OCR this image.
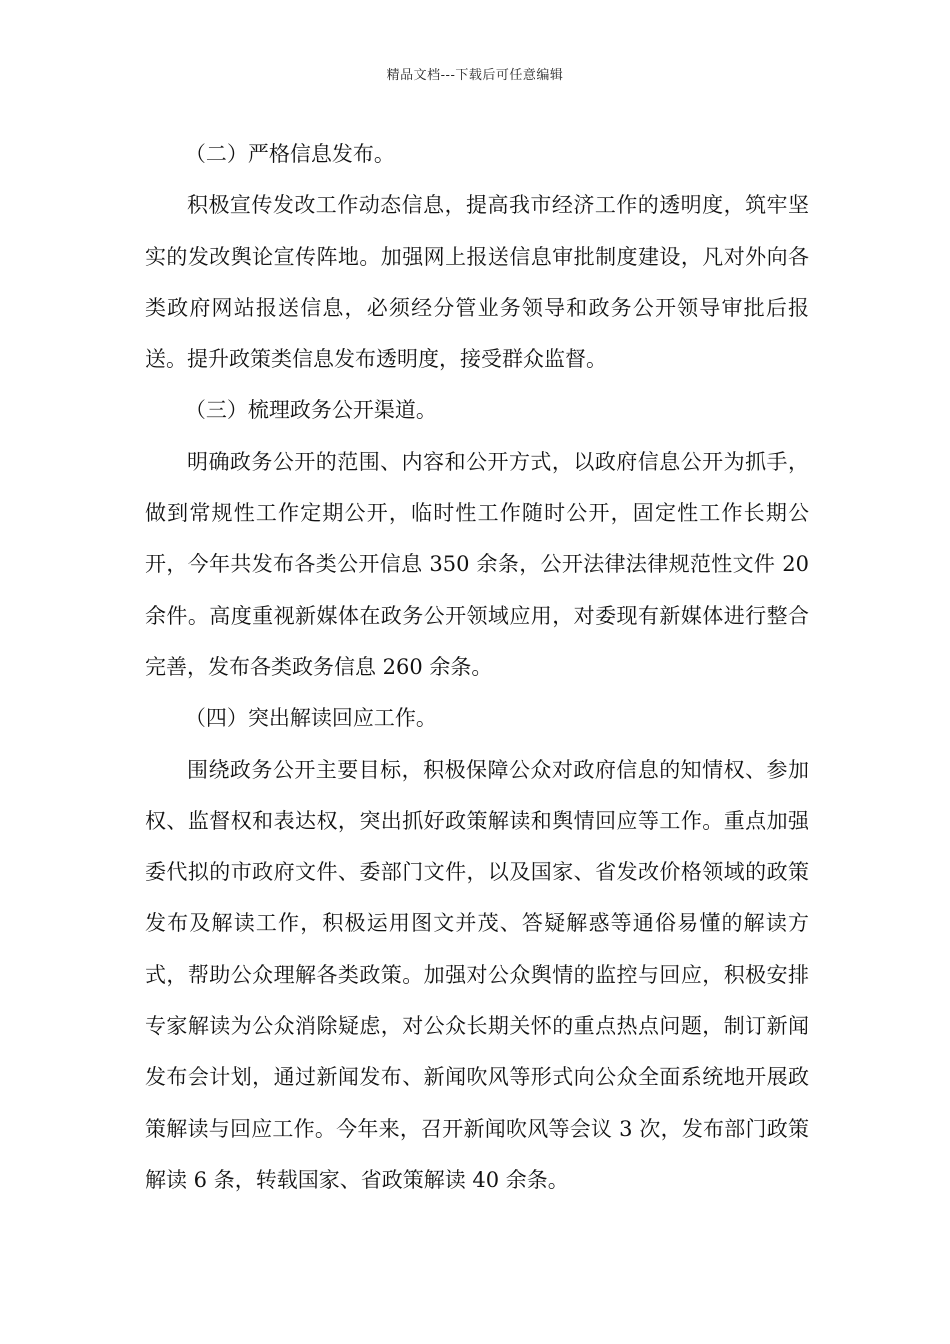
精品文档---下载后可任意编辑

（二）严格信息发布。

积极宣传发改工作动态信息，提高我市经济工作的透明度，筑牢坚实的发改舆论宣传阵地。加强网上报送信息审批制度建设，凡对外向各类政府网站报送信息，必须经分管业务领导和政务公开领导审批后报送。提升政策类信息发布透明度，接受群众监督。

（三）梳理政务公开渠道。

明确政务公开的范围、内容和公开方式，以政府信息公开为抓手，做到常规性工作定期公开，临时性工作随时公开，固定性工作长期公开，今年共发布各类公开信息 350 余条，公开法律法律规范性文件 20 余件。高度重视新媒体在政务公开领域应用，对委现有新媒体进行整合完善，发布各类政务信息 260 余条。

（四）突出解读回应工作。

围绕政务公开主要目标，积极保障公众对政府信息的知情权、参加权、监督权和表达权，突出抓好政策解读和舆情回应等工作。重点加强委代拟的市政府文件、委部门文件，以及国家、省发改价格领域的政策发布及解读工作，积极运用图文并茂、答疑解惑等通俗易懂的解读方式，帮助公众理解各类政策。加强对公众舆情的监控与回应，积极安排专家解读为公众消除疑虑，对公众长期关怀的重点热点问题，制订新闻发布会计划，通过新闻发布、新闻吹风等形式向公众全面系统地开展政策解读与回应工作。今年来，召开新闻吹风等会议 3 次，发布部门政策解读 6 条，转载国家、省政策解读 40 余条。
